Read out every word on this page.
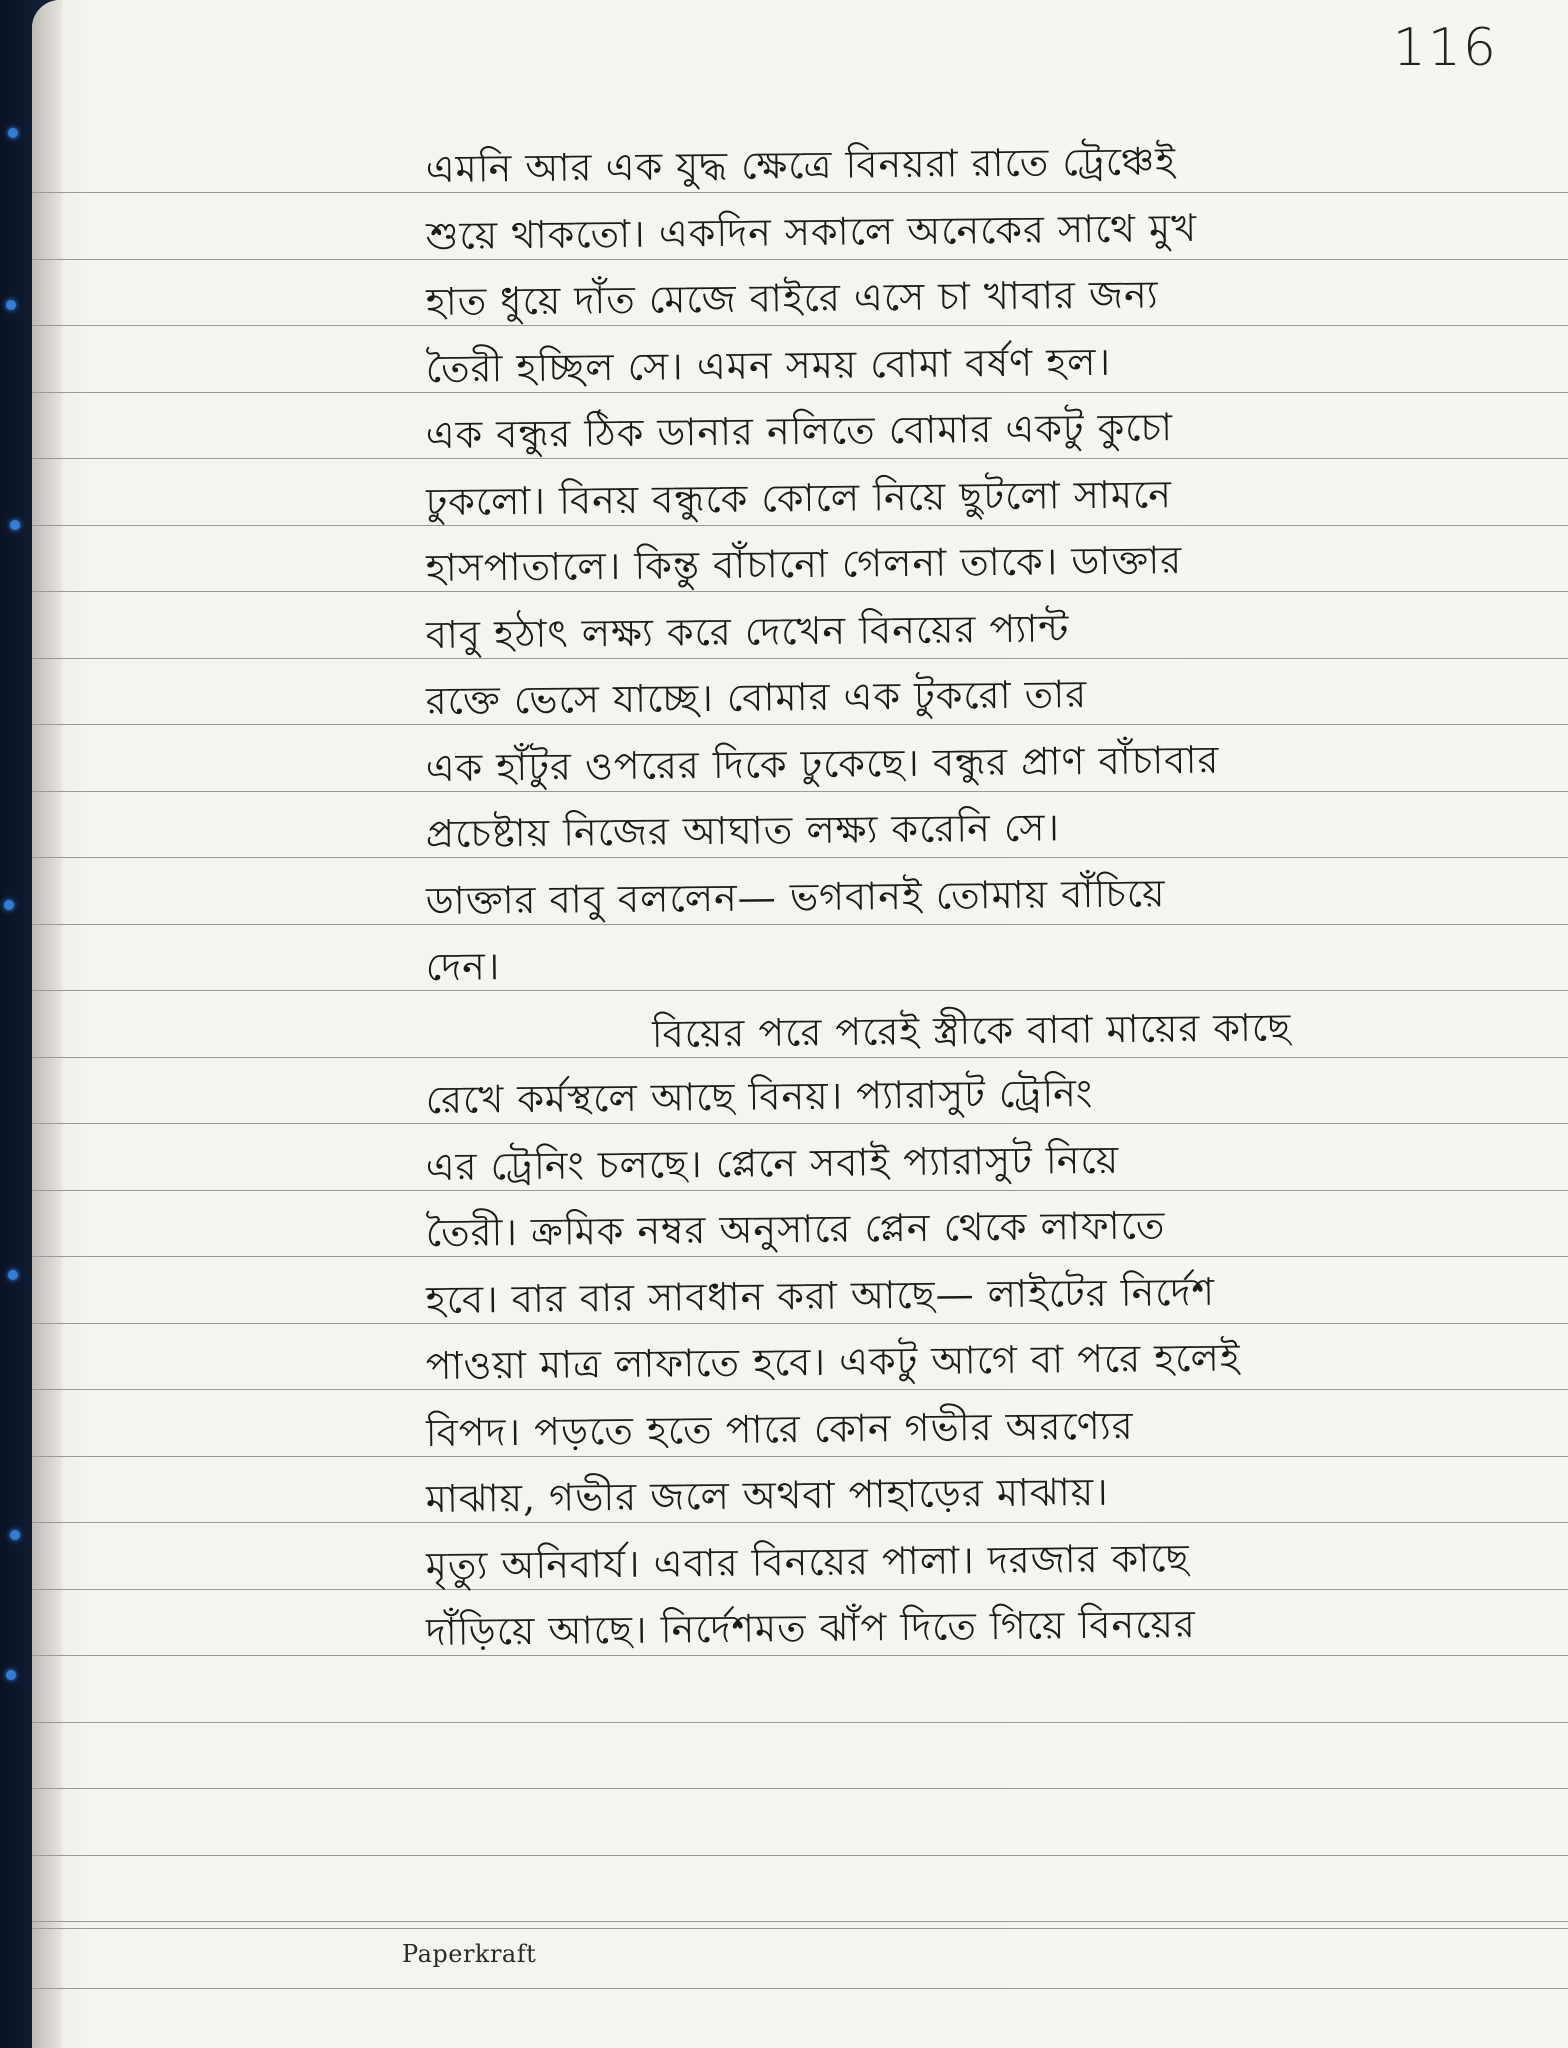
116
এমনি আর এক যুদ্ধ ক্ষেত্রে বিনয়রা রাতে ট্রেঞ্চেই
শুয়ে থাকতো। একদিন সকালে অনেকের সাথে মুখ
হাত ধুয়ে দাঁত মেজে বাইরে এসে চা খাবার জন্য
তৈরী হচ্ছিল সে। এমন সময় বোমা বর্ষণ হল।
এক বন্ধুর ঠিক ডানার নলিতে বোমার একটু কুচো
ঢুকলো। বিনয় বন্ধুকে কোলে নিয়ে ছুটলো সামনে
হাসপাতালে। কিন্তু বাঁচানো গেলনা তাকে। ডাক্তার
বাবু হঠাৎ লক্ষ্য করে দেখেন বিনয়ের প্যান্ট
রক্তে ভেসে যাচ্ছে। বোমার এক টুকরো তার
এক হাঁটুর ওপরের দিকে ঢুকেছে। বন্ধুর প্রাণ বাঁচাবার
প্রচেষ্টায় নিজের আঘাত লক্ষ্য করেনি সে।
ডাক্তার বাবু বললেন— ভগবানই তোমায় বাঁচিয়ে
দেন।
বিয়ের পরে পরেই স্ত্রীকে বাবা মায়ের কাছে
রেখে কর্মস্থলে আছে বিনয়। প্যারাসুট ট্রেনিং
এর ট্রেনিং চলছে। প্লেনে সবাই প্যারাসুট নিয়ে
তৈরী। ক্রমিক নম্বর অনুসারে প্লেন থেকে লাফাতে
হবে। বার বার সাবধান করা আছে— লাইটের নির্দেশ
পাওয়া মাত্র লাফাতে হবে। একটু আগে বা পরে হলেই
বিপদ। পড়তে হতে পারে কোন গভীর অরণ্যের
মাঝায়, গভীর জলে অথবা পাহাড়ের মাঝায়।
মৃত্যু অনিবার্য। এবার বিনয়ের পালা। দরজার কাছে
দাঁড়িয়ে আছে। নির্দেশমত ঝাঁপ দিতে গিয়ে বিনয়ের
Paperkraft
